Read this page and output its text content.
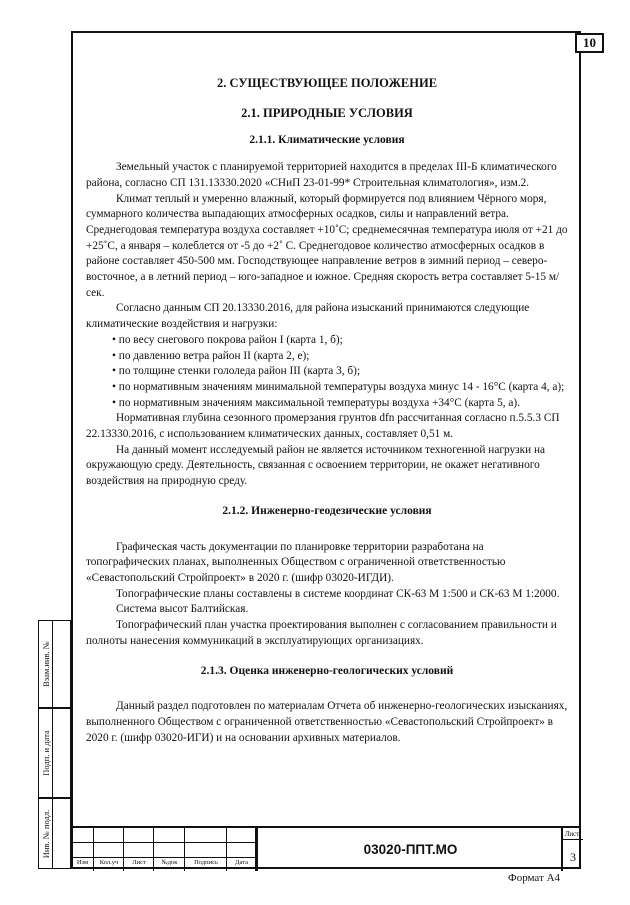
10
2. СУЩЕСТВУЮЩЕЕ ПОЛОЖЕНИЕ
2.1. ПРИРОДНЫЕ УСЛОВИЯ
2.1.1. Климатические условия

Земельный участок с планируемой территорией находится в пределах III-Б климатического района, согласно СП 131.13330.2020 «СНиП 23-01-99* Строительная климатология», изм.2.

Климат теплый и умеренно влажный, который формируется под влиянием Чёрного моря, суммарного количества выпадающих атмосферных осадков, силы и направлений ветра. Среднегодовая температура воздуха составляет +10˚С; среднемесячная температура июля от +21 до +25˚С, а января – колеблется от -5 до +2˚ С. Среднегодовое количество атмосферных осадков в районе составляет 450-500 мм. Господствующее направление ветров в зимний период – северо-восточное, а в летний период – юго-западное и южное. Средняя скорость ветра составляет 5-15 м/сек.

Согласно данным СП 20.13330.2016, для района изысканий принимаются следующие климатические воздействия и нагрузки:

• по весу снегового покрова район I (карта 1, б);

• по давлению ветра район II (карта 2, е);

• по толщине стенки гололеда район III (карта 3, б);

• по нормативным значениям минимальной температуры воздуха минус 14 - 16°С (карта 4, а);

• по нормативным значениям максимальной температуры воздуха +34°С (карта 5, а).

Нормативная глубина сезонного промерзания грунтов dfn рассчитанная согласно п.5.5.3 СП 22.13330.2016, с использованием климатических данных, составляет 0,51 м.

На данный момент исследуемый район не является источником техногенной нагрузки на окружающую среду. Деятельность, связанная с освоением территории, не окажет негативного воздействия на природную среду.

2.1.2. Инженерно-геодезические условия

Графическая часть документации по планировке территории разработана на топографических планах, выполненных Обществом с ограниченной ответственностью «Севастопольский Стройпроект» в 2020 г. (шифр 03020-ИГДИ).

Топографические планы составлены в системе координат СК-63 М 1:500 и СК-63 М 1:2000.

Система высот Балтийская.

Топографический план участка проектирования выполнен с согласованием правильности и полноты нанесения коммуникаций в эксплуатирующих организациях.

2.1.3. Оценка инженерно-геологических условий

Данный раздел подготовлен по материалам Отчета об инженерно-геологических изысканиях, выполненного Обществом с ограниченной ответственностью «Севастопольский Стройпроект» в 2020 г. (шифр 03020-ИГИ) и на основании архивных материалов.

Взам.инв. №
Подп. и дата
Инв. № подл.
Изм	Кол.уч	Лист	№док	Подпись	Дата
03020-ППТ.МО
Лист
3
Формат А4
